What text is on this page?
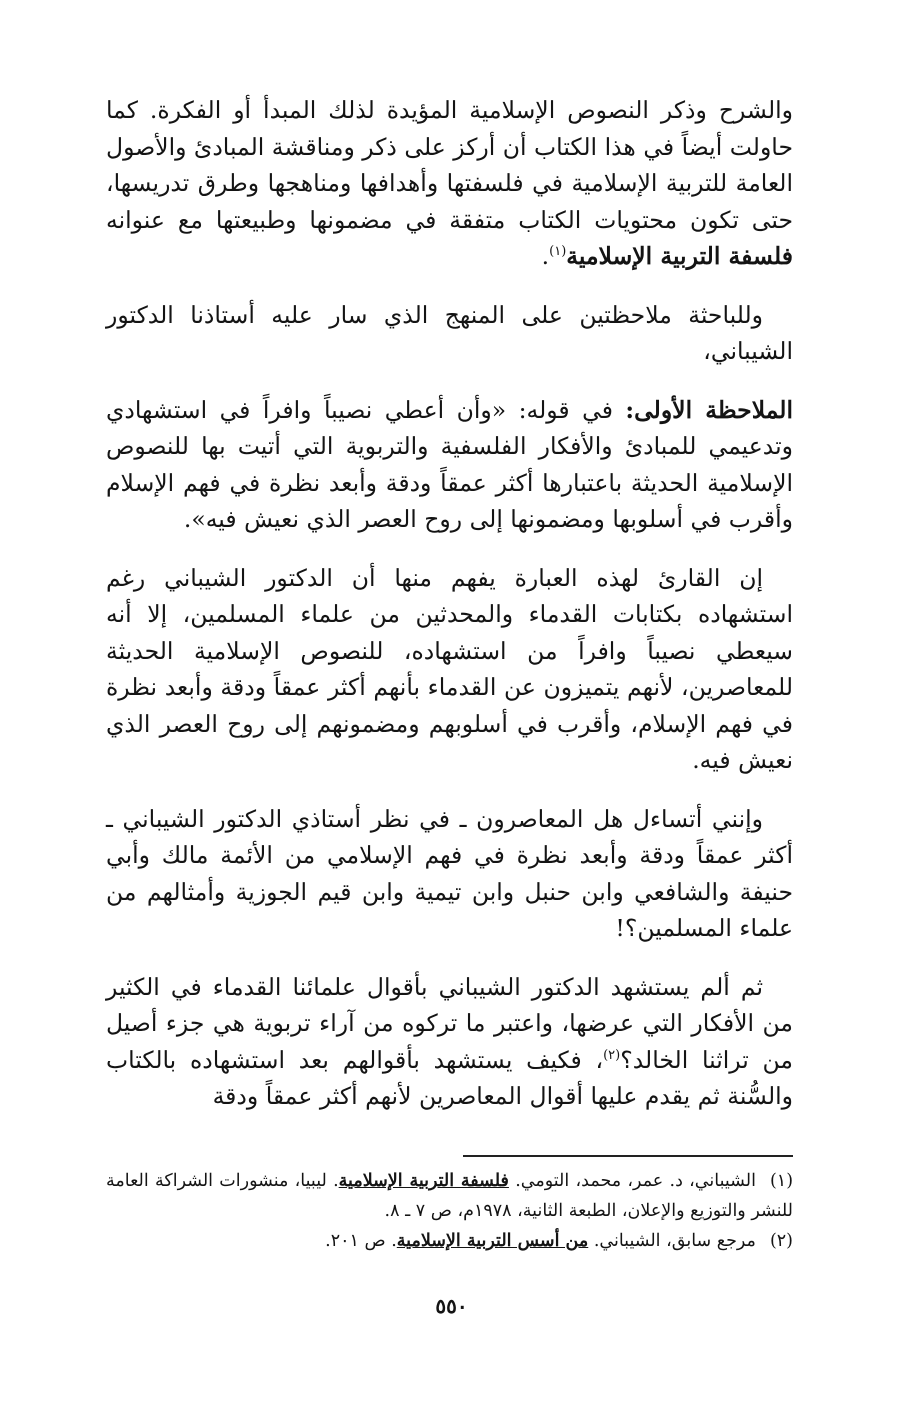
والشرح وذكر النصوص الإسلامية المؤيدة لذلك المبدأ أو الفكرة. كما حاولت أيضاً في هذا الكتاب أن أركز على ذكر ومناقشة المبادئ والأصول العامة للتربية الإسلامية في فلسفتها وأهدافها ومناهجها وطرق تدريسها، حتى تكون محتويات الكتاب متفقة في مضمونها وطبيعتها مع عنوانه فلسفة التربية الإسلامية$^{(١)}$.

وللباحثة ملاحظتين على المنهج الذي سار عليه أستاذنا الدكتور الشيباني،

الملاحظة الأولى: في قوله: «وأن أعطي نصيباً وافراً في استشهادي وتدعيمي للمبادئ والأفكار الفلسفية والتربوية التي أتيت بها للنصوص الإسلامية الحديثة باعتبارها أكثر عمقاً ودقة وأبعد نظرة في فهم الإسلام وأقرب في أسلوبها ومضمونها إلى روح العصر الذي نعيش فيه».

إن القارئ لهذه العبارة يفهم منها أن الدكتور الشيباني رغم استشهاده بكتابات القدماء والمحدثين من علماء المسلمين، إلا أنه سيعطي نصيباً وافراً من استشهاده، للنصوص الإسلامية الحديثة للمعاصرين، لأنهم يتميزون عن القدماء بأنهم أكثر عمقاً ودقة وأبعد نظرة في فهم الإسلام، وأقرب في أسلوبهم ومضمونهم إلى روح العصر الذي نعيش فيه.

وإنني أتساءل هل المعاصرون ـ في نظر أستاذي الدكتور الشيباني ـ أكثر عمقاً ودقة وأبعد نظرة في فهم الإسلامي من الأئمة مالك وأبي حنيفة والشافعي وابن حنبل وابن تيمية وابن قيم الجوزية وأمثالهم من علماء المسلمين؟!

ثم ألم يستشهد الدكتور الشيباني بأقوال علمائنا القدماء في الكثير من الأفكار التي عرضها، واعتبر ما تركوه من آراء تربوية هي جزء أصيل من تراثنا الخالد؟$^{(٢)}$، فكيف يستشهد بأقوالهم بعد استشهاده بالكتاب والسُّنة ثم يقدم عليها أقوال المعاصرين لأنهم أكثر عمقاً ودقة

(١)الشيباني، د. عمر، محمد، التومي. فلسفة التربية الإسلامية. ليبيا، منشورات الشراكة العامة للنشر والتوزيع والإعلان، الطبعة الثانية، ١٩٧٨م، ص ٧ ـ ٨.

(٢)مرجع سابق، الشيباني. من أسس التربية الإسلامية. ص ٢٠١.

٥٥٠
